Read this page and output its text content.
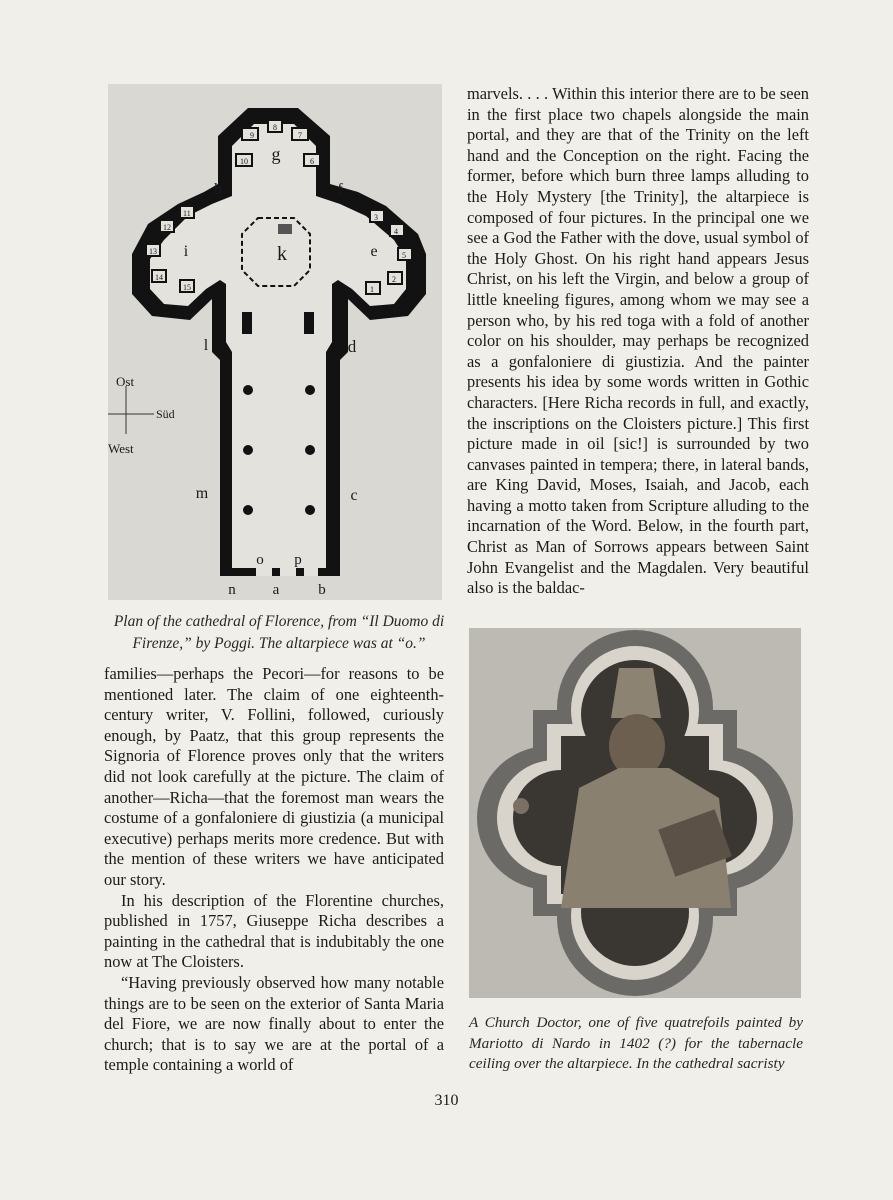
g
k
i	e
h	f
l	d
m	c
o p
n a	b
9
8
7
10	6
11
12
13
14
15
3
4
5
2
1
Ost
Süd
West
Plan of the cathedral of Florence, from “Il Duomo di Firenze,” by Poggi. The altarpiece was at “o.”

families—perhaps the Pecori—for reasons to be mentioned later. The claim of one eighteenth-century writer, V. Follini, followed, curiously enough, by Paatz, that this group represents the Signoria of Florence proves only that the writers did not look carefully at the picture. The claim of another—Richa—that the foremost man wears the costume of a gonfaloniere di giustizia (a municipal executive) perhaps merits more credence. But with the mention of these writers we have anticipated our story.

In his description of the Florentine churches, published in 1757, Giuseppe Richa describes a painting in the cathedral that is indubitably the one now at The Cloisters.

“Having previously observed how many notable things are to be seen on the exterior of Santa Maria del Fiore, we are now finally about to enter the church; that is to say we are at the portal of a temple containing a world of

marvels. . . . Within this interior there are to be seen in the first place two chapels alongside the main portal, and they are that of the Trinity on the left hand and the Conception on the right. Facing the former, before which burn three lamps alluding to the Holy Mystery [the Trinity], the altarpiece is composed of four pictures. In the principal one we see a God the Father with the dove, usual symbol of the Holy Ghost. On his right hand appears Jesus Christ, on his left the Virgin, and below a group of little kneeling figures, among whom we may see a person who, by his red toga with a fold of another color on his shoulder, may perhaps be recognized as a gonfaloniere di giustizia. And the painter presents his idea by some words written in Gothic characters. [Here Richa records in full, and exactly, the inscriptions on the Cloisters picture.] This first picture made in oil [sic!] is surrounded by two canvases painted in tempera; there, in lateral bands, are King David, Moses, Isaiah, and Jacob, each having a motto taken from Scripture alluding to the incarnation of the Word. Below, in the fourth part, Christ as Man of Sorrows appears between Saint John Evangelist and the Magdalen. Very beautiful also is the baldac-

A Church Doctor, one of five quatrefoils painted by Mariotto di Nardo in 1402 (?) for the tabernacle ceiling over the altarpiece. In the cathedral sacristy
310
